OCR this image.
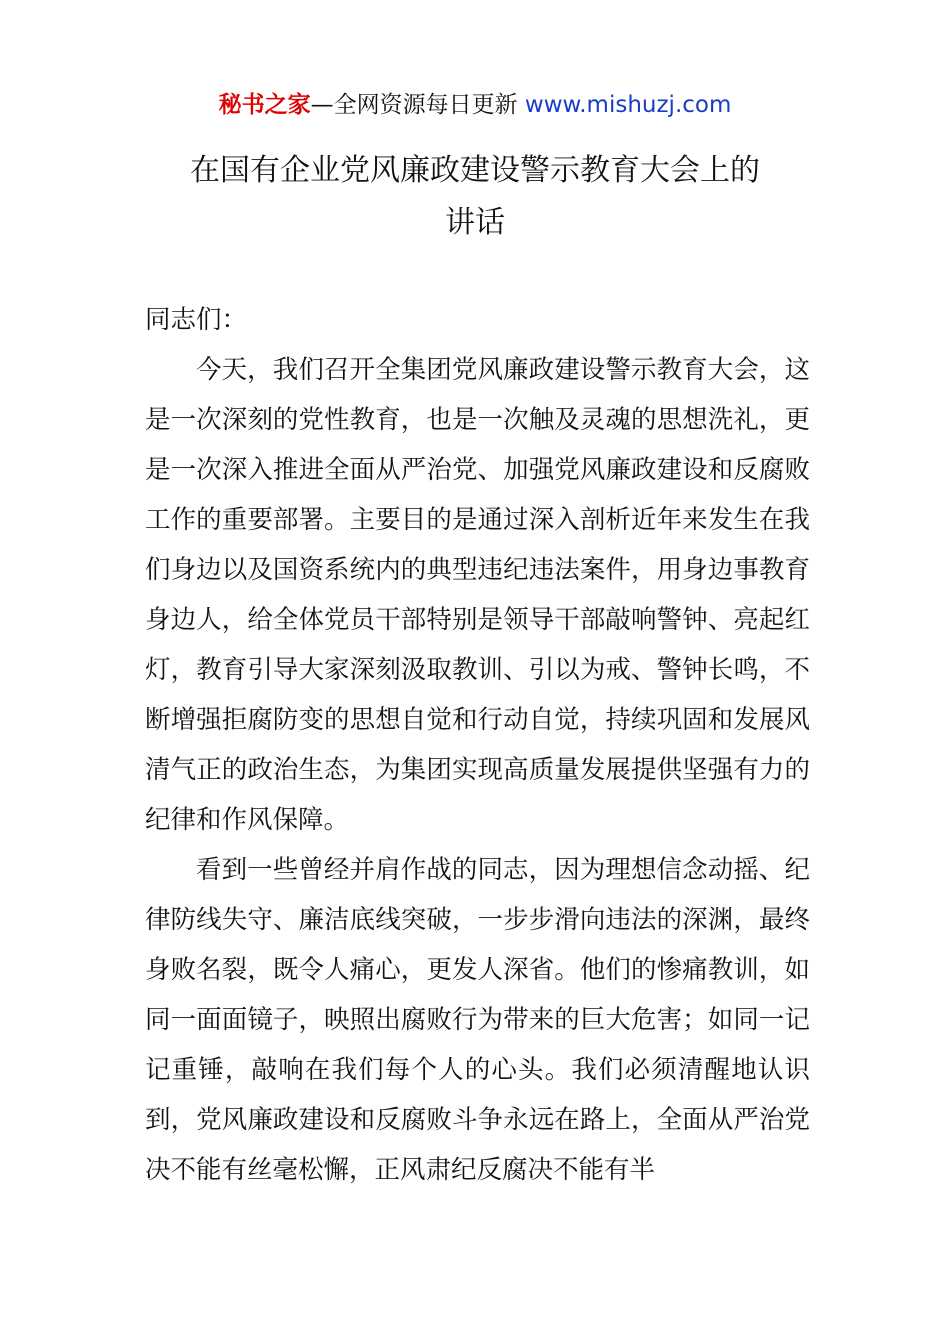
秘书之家—全网资源每日更新 www.mishuzj.com
在国有企业党风廉政建设警示教育大会上的
讲话

同志们：

今天，我们召开全集团党风廉政建设警示教育大会，这是一次深刻的党性教育，也是一次触及灵魂的思想洗礼，更是一次深入推进全面从严治党、加强党风廉政建设和反腐败工作的重要部署。主要目的是通过深入剖析近年来发生在我们身边以及国资系统内的典型违纪违法案件，用身边事教育身边人，给全体党员干部特别是领导干部敲响警钟、亮起红灯，教育引导大家深刻汲取教训、引以为戒、警钟长鸣，不断增强拒腐防变的思想自觉和行动自觉，持续巩固和发展风清气正的政治生态，为集团实现高质量发展提供坚强有力的纪律和作风保障。

看到一些曾经并肩作战的同志，因为理想信念动摇、纪律防线失守、廉洁底线突破，一步步滑向违法的深渊，最终身败名裂，既令人痛心，更发人深省。他们的惨痛教训，如同一面面镜子，映照出腐败行为带来的巨大危害；如同一记记重锤，敲响在我们每个人的心头。我们必须清醒地认识到，党风廉政建设和反腐败斗争永远在路上，全面从严治党决不能有丝毫松懈，正风肃纪反腐决不能有半
